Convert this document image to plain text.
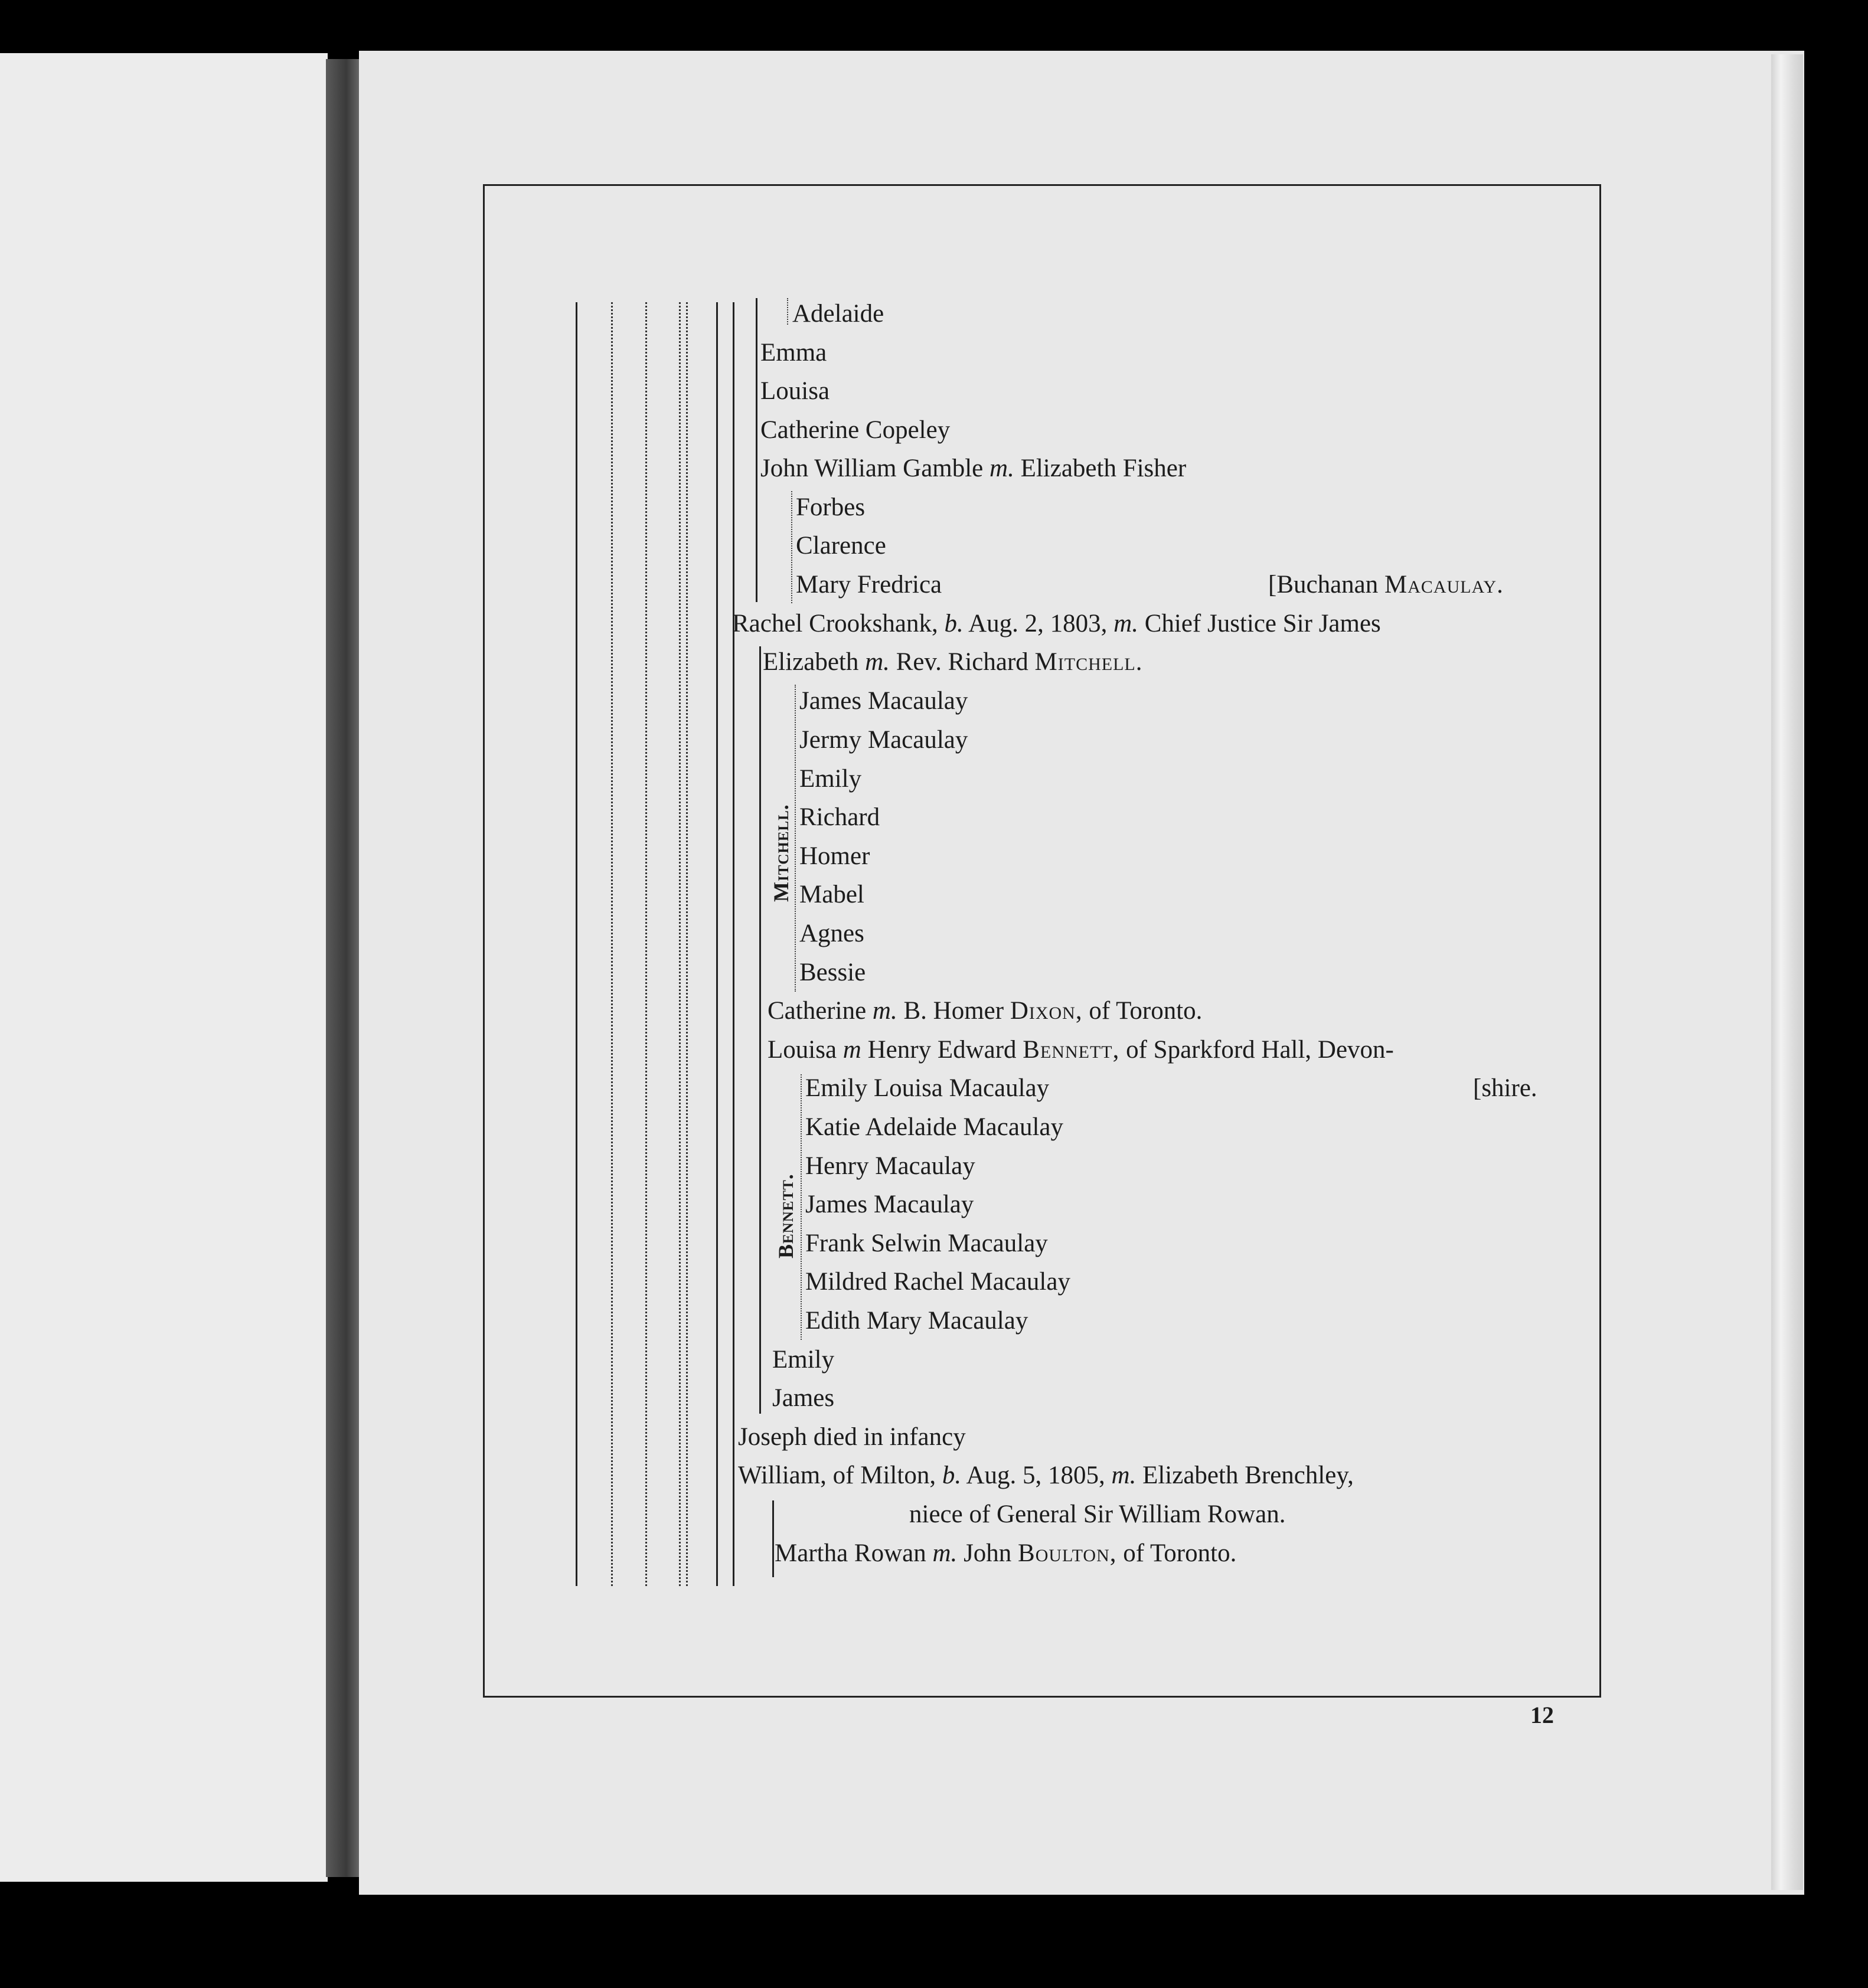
Adelaide
Emma
Louisa
Catherine Copeley
John William Gamble m. Elizabeth Fisher
Forbes
Clarence
Mary Fredrica	[Buchanan Macaulay.
Rachel Crookshank, b. Aug. 2, 1803, m. Chief Justice Sir James
Elizabeth m. Rev. Richard Mitchell.
James Macaulay
Jermy Macaulay
Emily
Richard
Homer
Mabel
Agnes
Bessie
Catherine m. B. Homer Dixon, of Toronto.
Louisa m Henry Edward Bennett, of Sparkford Hall, Devon-
Emily Louisa Macaulay	[shire.
Katie Adelaide Macaulay
Henry Macaulay
James Macaulay
Frank Selwin Macaulay
Mildred Rachel Macaulay
Edith Mary Macaulay
Emily
James
Joseph died in infancy
William, of Milton, b. Aug. 5, 1805, m. Elizabeth Brenchley,
niece of General Sir William Rowan.
Martha Rowan m. John Boulton, of Toronto.
Mitchell.
Bennett.
12
